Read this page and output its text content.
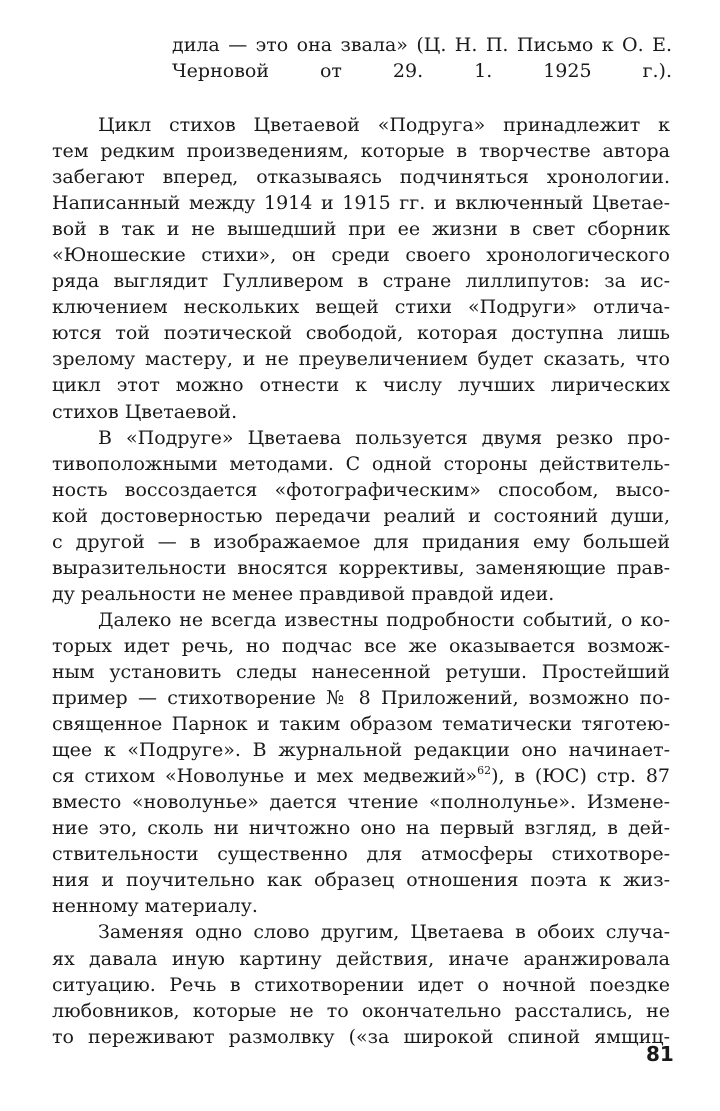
дила — это она звала» (Ц. Н. П. Письмо к О. Е.
Черновой от 29. 1. 1925 г.).
Цикл стихов Цветаевой «Подруга» принадлежит к
тем редким произведениям, которые в творчестве автора
забегают вперед, отказываясь подчиняться хронологии.
Написанный между 1914 и 1915 гг. и включенный Цветае-
вой в так и не вышедший при ее жизни в свет сборник
«Юношеские стихи», он среди своего хронологического
ряда выглядит Гулливером в стране лиллипутов: за ис-
ключением нескольких вещей стихи «Подруги» отлича-
ются той поэтической свободой, которая доступна лишь
зрелому мастеру, и не преувеличением будет сказать, что
цикл этот можно отнести к числу лучших лирических
стихов Цветаевой.
В «Подруге» Цветаева пользуется двумя резко про-
тивоположными методами. С одной стороны действитель-
ность воссоздается «фотографическим» способом, высо-
кой достоверностью передачи реалий и состояний души,
с другой — в изображаемое для придания ему большей
выразительности вносятся коррективы, заменяющие прав-
ду реальности не менее правдивой правдой идеи.
Далеко не всегда известны подробности событий, о ко-
торых идет речь, но подчас все же оказывается возмож-
ным установить следы нанесенной ретуши. Простейший
пример — стихотворение № 8 Приложений, возможно по-
священное Парнок и таким образом тематически тяготею-
щее к «Подруге». В журнальной редакции оно начинает-
ся стихом «Новолунье и мех медвежий»$^{62}$), в (ЮС) стр. 87
вместо «новолунье» дается чтение «полнолунье». Измене-
ние это, сколь ни ничтожно оно на первый взгляд, в дей-
ствительности существенно для атмосферы стихотворе-
ния и поучительно как образец отношения поэта к жиз-
ненному материалу.
Заменяя одно слово другим, Цветаева в обоих случа-
ях давала иную картину действия, иначе аранжировала
ситуацию. Речь в стихотворении идет о ночной поездке
любовников, которые не то окончательно расстались, не
то переживают размолвку («за широкой спиной ямщиц-
81
